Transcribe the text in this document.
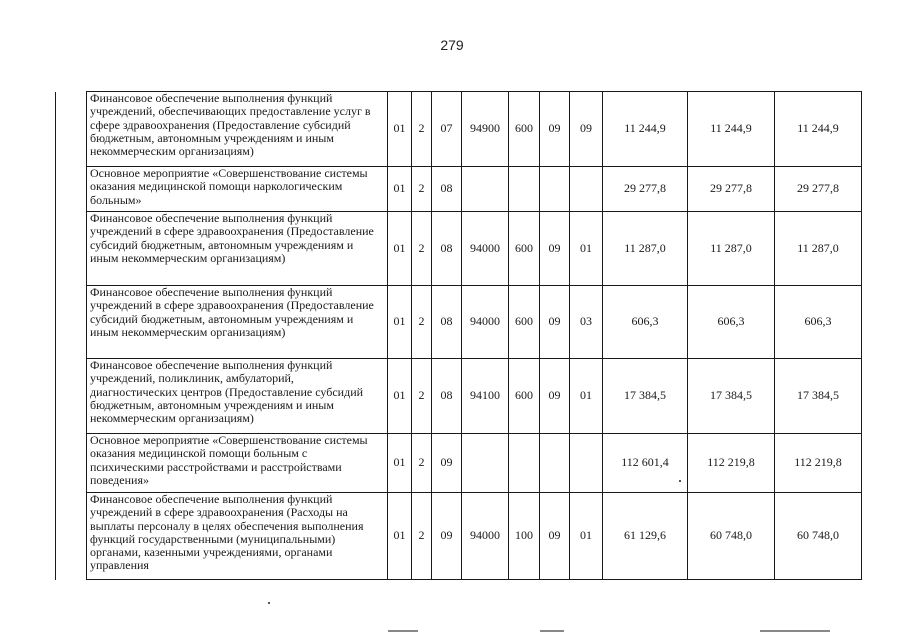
279
	Финансовое обеспечение выполнения функций учреждений, обеспечивающих предоставление услуг в сфере здравоохранения (Предоставление субсидий бюджетным, автономным учреждениям и иным некоммерческим организациям)	01	2	07	94900	600	09	09	11 244,9	11 244,9	11 244,9
	Основное мероприятие «Совершенствование системы оказания медицинской помощи наркологическим больным»	01	2	08					29 277,8	29 277,8	29 277,8
	Финансовое обеспечение выполнения функций учреждений в сфере здравоохранения (Предоставление субсидий бюджетным, автономным учреждениям и иным некоммерческим организациям)	01	2	08	94000	600	09	01	11 287,0	11 287,0	11 287,0
	Финансовое обеспечение выполнения функций учреждений в сфере здравоохранения (Предоставление субсидий бюджетным, автономным учреждениям и иным некоммерческим организациям)	01	2	08	94000	600	09	03	606,3	606,3	606,3
	Финансовое обеспечение выполнения функций учреждений, поликлиник, амбулаторий, диагностических центров (Предоставление субсидий бюджетным, автономным учреждениям и иным некоммерческим организациям)	01	2	08	94100	600	09	01	17 384,5	17 384,5	17 384,5
	Основное мероприятие «Совершенствование системы оказания медицинской помощи больным с психическими расстройствами и расстройствами поведения»	01	2	09					112 601,4	112 219,8	112 219,8
	Финансовое обеспечение выполнения функций учреждений в сфере здравоохранения (Расходы на выплаты персоналу в целях обеспечения выполнения функций государственными (муниципальными) органами, казенными учреждениями, органами управления	01	2	09	94000	100	09	01	61 129,6	60 748,0	60 748,0
